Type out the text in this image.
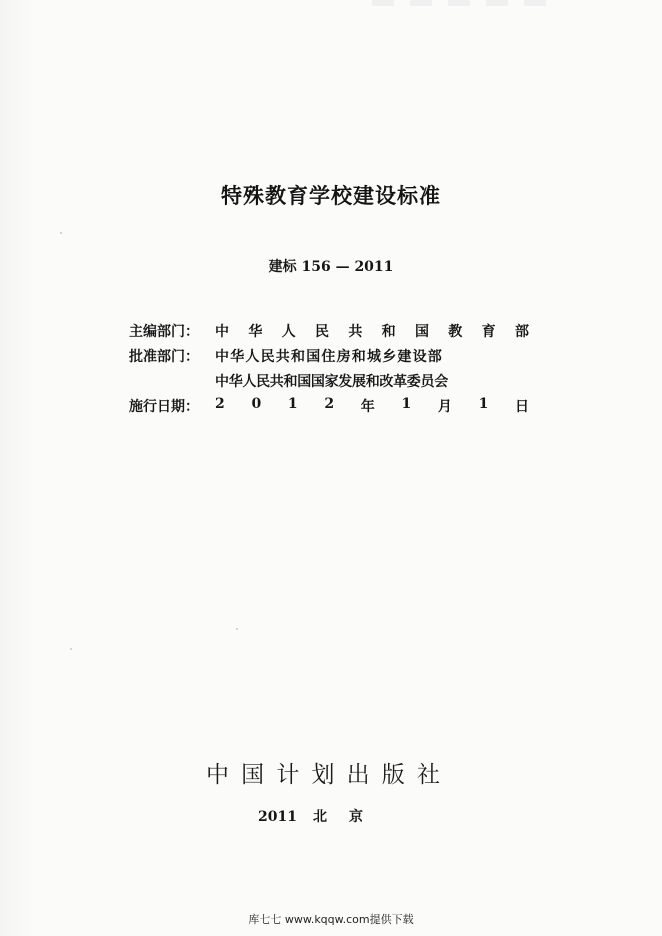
特殊教育学校建设标准
建标 156 — 2011
主编部门：	中 华 人 民 共 和 国 教 育 部
批准部门：	中华人民共和国住房和城乡建设部
中华人民共和国国家发展和改革委员会
施行日期：	2 0 1 2 年 1 月 1 日
中 国 计 划 出 版 社
2011 北京
库七七 www.kqqw.com提供下载
